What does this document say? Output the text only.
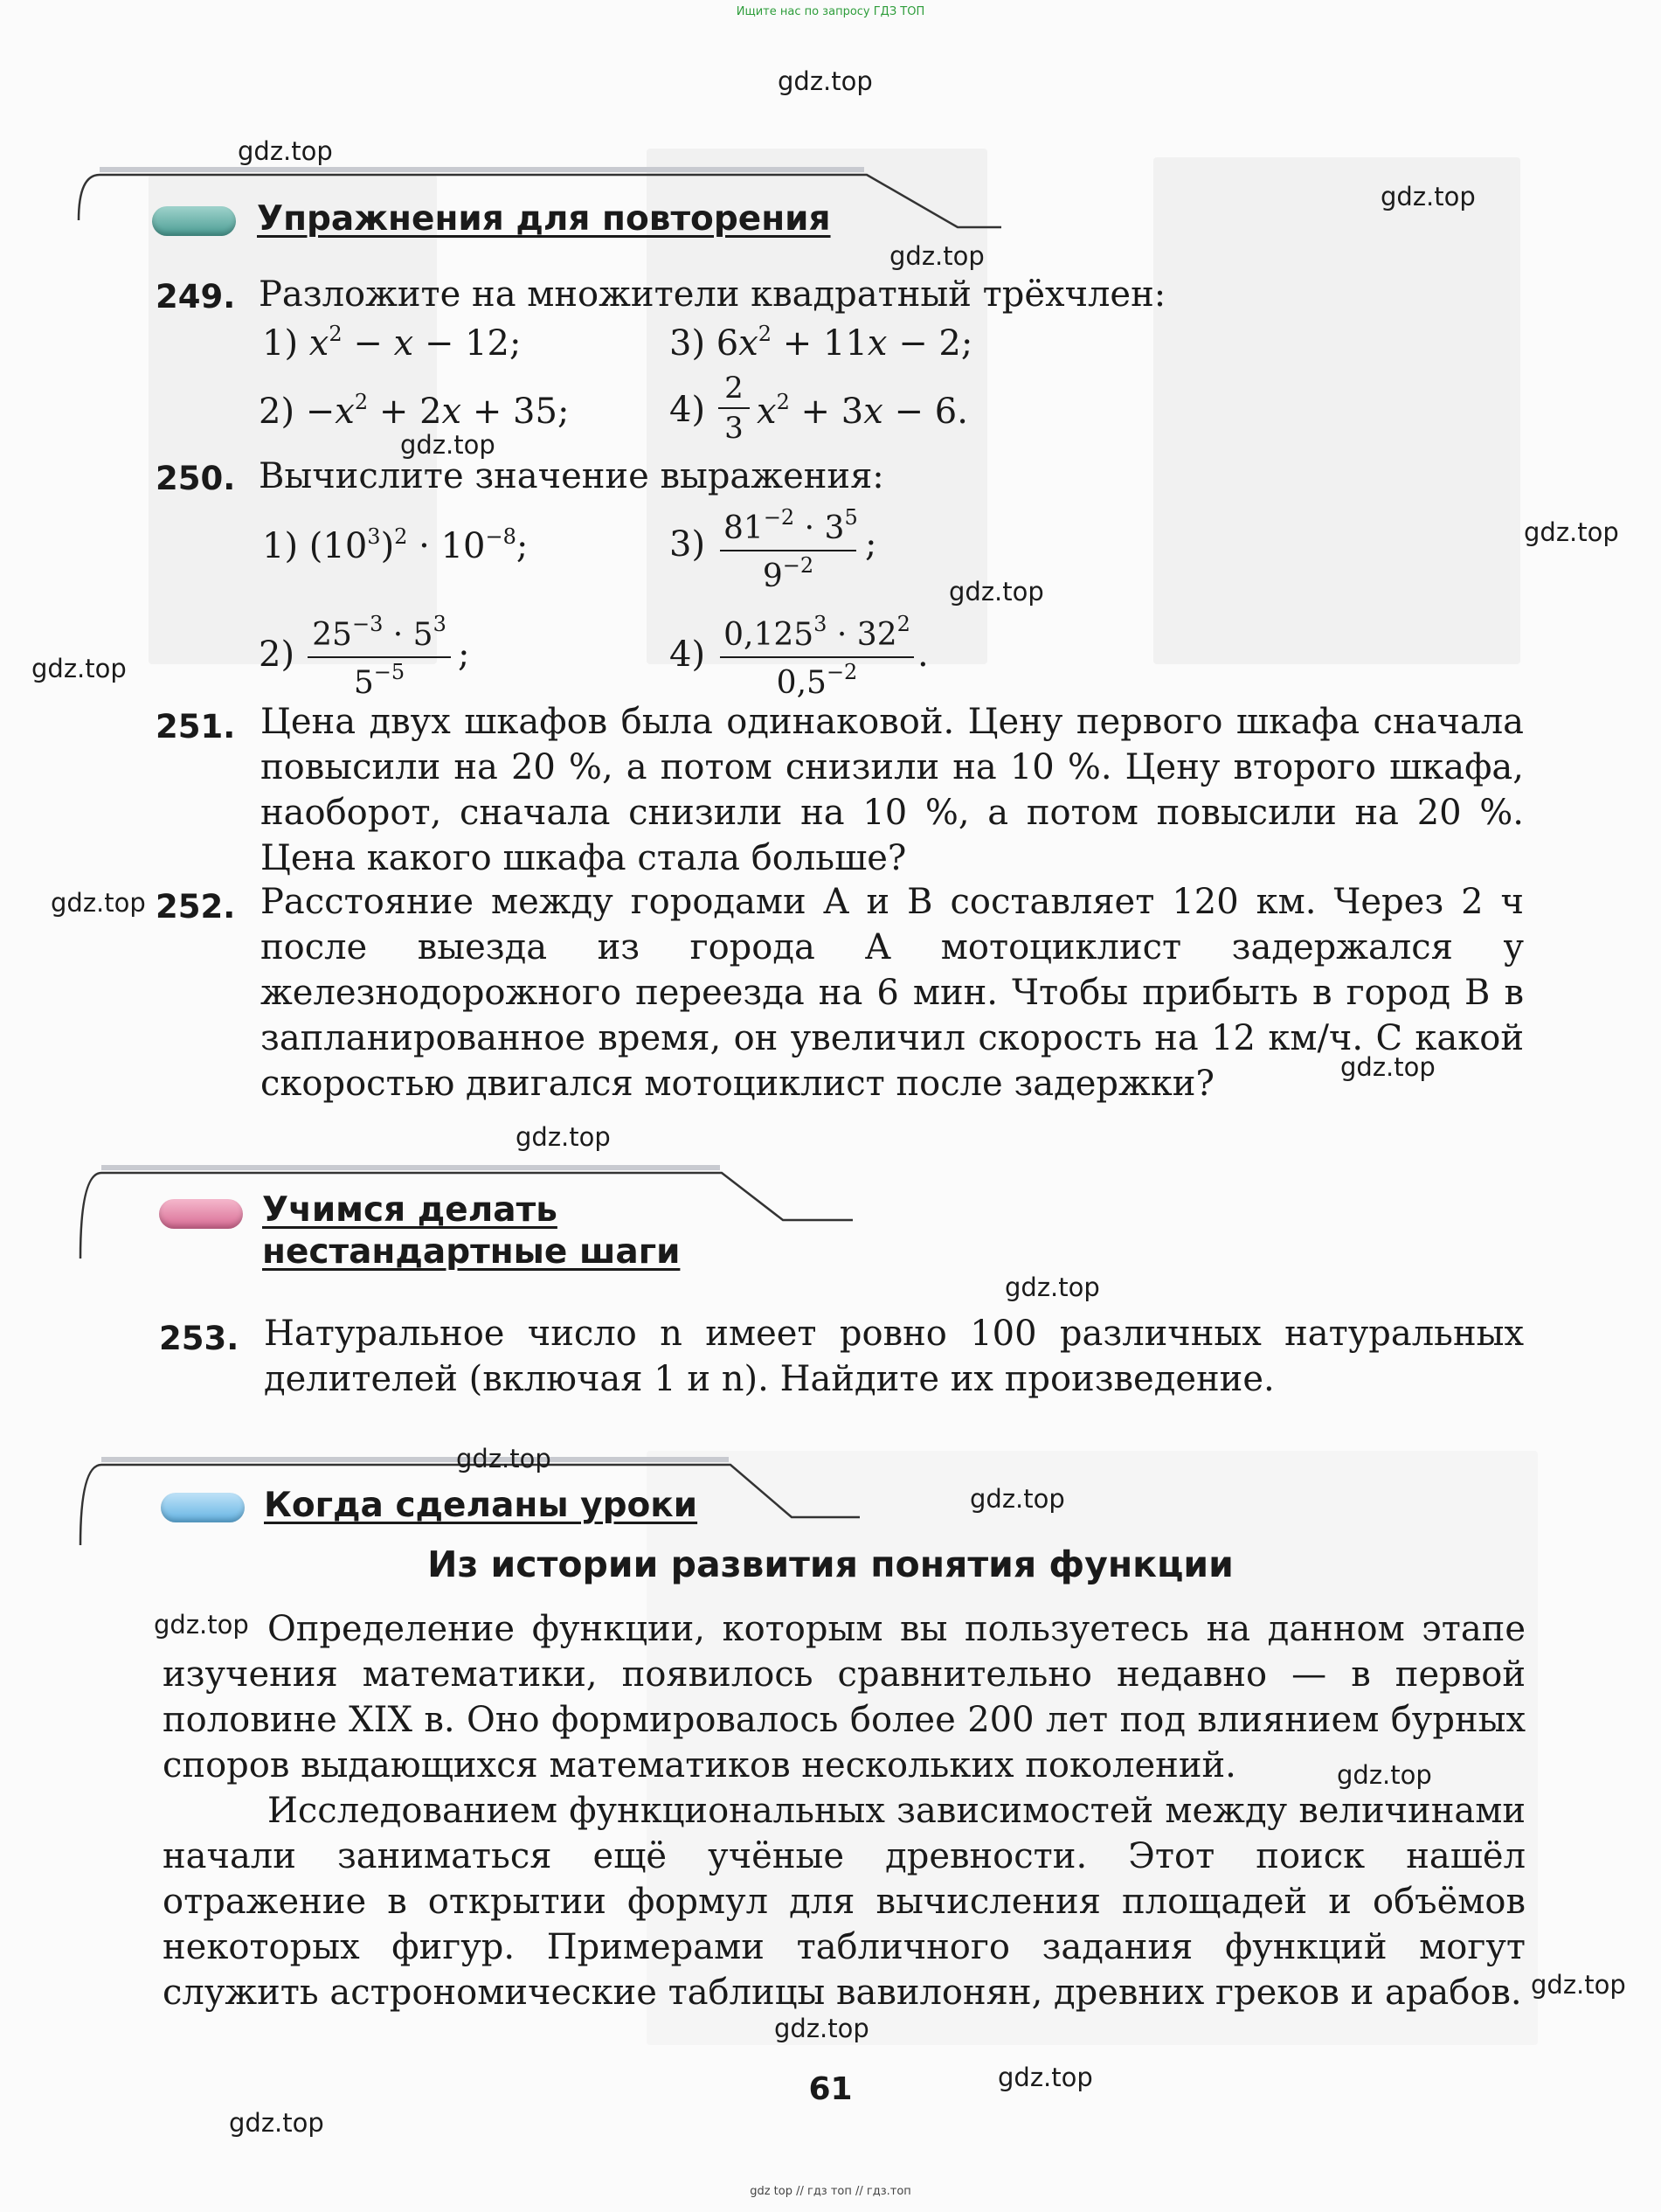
Ищите нас по запросу ГДЗ ТОП
Упражнения для повторения
249. Разложите на множители квадратный трёхчлен:
1) $x^2 - x - 12$;	3) $6x^2 + 11x - 2$;
$2) -x^2 + 2x + 35$;	$4) \frac{2}{3} x^2 + 3x - 6$.
250. Вычислите значение выражения:
1) $(10^3)^2 \cdot 10^{-8}$;	$3) \frac{81^{-2} \cdot 3^5}{9^{-2}}$ ;
$2) \frac{25^{-3} \cdot 5^3}{5^{-5}}$ ;	$4) \frac{0,125^3 \cdot 32^2}{0,5^{-2}}$ .
251. Цена двух шкафов была одинаковой. Цену первого шкафа сначала повысили на 20 %, а потом снизили на 10 %. Цену второго шкафа, наоборот, сначала снизили на 10 %, а потом повысили на 20 %. Цена какого шкафа стала больше?
252. Расстояние между городами A и B составляет 120 км. Через 2 ч после выезда из города A мотоциклист задержался у железнодорожного переезда на 6 мин. Чтобы прибыть в город B в запланированное время, он увеличил скорость на 12 км/ч. С какой скоростью двигался мотоциклист после задержки?
Учимся делать
нестандартные шаги
253. Натуральное число n имеет ровно 100 различных натуральных делителей (включая 1 и n). Найдите их произведение.
Когда сделаны уроки
Из истории развития понятия функции
Определение функции, которым вы пользуетесь на данном этапе изучения математики, появилось сравнительно недавно — в первой половине XIX в. Оно формировалось более 200 лет под влиянием бурных споров выдающихся математиков нескольких поколений.
Исследованием функциональных зависимостей между величинами начали заниматься ещё учёные древности. Этот поиск нашёл отражение в открытии формул для вычисления площадей и объёмов некоторых фигур. Примерами табличного задания функций могут служить астрономические таблицы вавилонян, древних греков и арабов.
61
gdz.top
gdz.top
gdz.top
gdz.top
gdz.top
gdz.top
gdz.top
gdz.top
gdz.top
gdz.top
gdz.top
gdz.top
gdz.top
gdz.top
gdz.top
gdz.top
gdz.top
gdz.top
gdz.top
gdz.top
gdz top // гдз топ // гдз.топ
